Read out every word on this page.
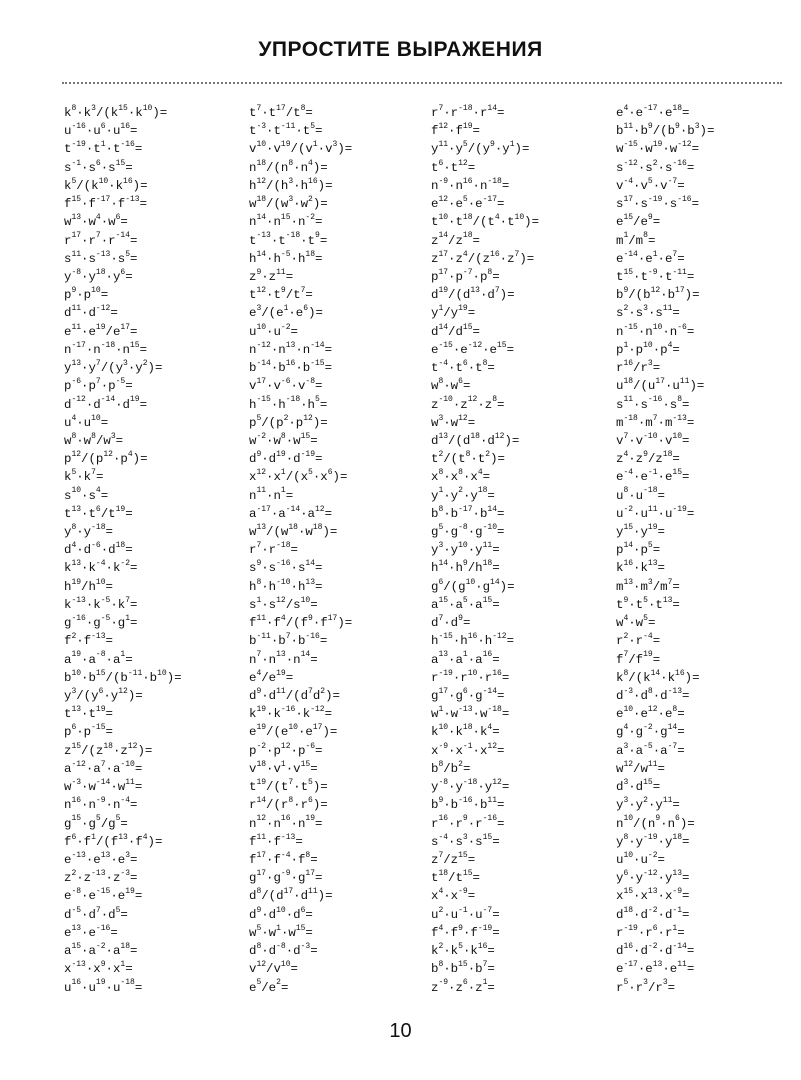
УПРОСТИТЕ ВЫРАЖЕНИЯ
$k^8\cdot k^3/(k^{15}\cdot k^{10})=$
$u^{-16}\cdot u^6\cdot u^{16}=$
$t^{-19}\cdot t^1\cdot t^{-16}=$
$s^{-1}\cdot s^6\cdot s^{15}=$
$k^5/(k^{10}\cdot k^{16})=$
$f^{15}\cdot f^{-17}\cdot f^{-13}=$
$w^{13}\cdot w^4\cdot w^6=$
$r^{17}\cdot r^7\cdot r^{-14}=$
$s^{11}\cdot s^{-13}\cdot s^5=$
$y^{-8}\cdot y^{18}\cdot y^6=$
$p^9\cdot p^{10}=$
$d^{11}\cdot d^{-12}=$
$e^{11}\cdot e^{19}/e^{17}=$
$n^{-17}\cdot n^{-18}\cdot n^{15}=$
$y^{13}\cdot y^7/(y^3\cdot y^2)=$
$p^{-6}\cdot p^7\cdot p^{-5}=$
$d^{-12}\cdot d^{-14}\cdot d^{19}=$
$u^4\cdot u^{10}=$
$w^8\cdot w^8/w^3=$
$p^{12}/(p^{12}\cdot p^4)=$
$k^5\cdot k^7=$
$s^{10}\cdot s^4=$
$t^{13}\cdot t^6/t^{19}=$
$y^8\cdot y^{-18}=$
$d^4\cdot d^{-6}\cdot d^{18}=$
$k^{13}\cdot k^{-4}\cdot k^{-2}=$
$h^{19}/h^{10}=$
$k^{-13}\cdot k^{-5}\cdot k^7=$
$g^{-16}\cdot g^{-5}\cdot g^1=$
$f^2\cdot f^{-13}=$
$a^{19}\cdot a^{-8}\cdot a^1=$
$b^{10}\cdot b^{15}/(b^{-11}\cdot b^{10})=$
$y^3/(y^6\cdot y^{12})=$
$t^{13}\cdot t^{19}=$
$p^6\cdot p^{-15}=$
$z^{15}/(z^{18}\cdot z^{12})=$
$a^{-12}\cdot a^7\cdot a^{-10}=$
$w^{-3}\cdot w^{-14}\cdot w^{11}=$
$n^{16}\cdot n^{-9}\cdot n^{-4}=$
$g^{15}\cdot g^5/g^5=$
$f^6\cdot f^1/(f^{13}\cdot f^4)=$
$e^{-13}\cdot e^{13}\cdot e^3=$
$z^2\cdot z^{-13}\cdot z^{-3}=$
$e^{-8}\cdot e^{-15}\cdot e^{19}=$
$d^{-5}\cdot d^7\cdot d^5=$
$e^{13}\cdot e^{-16}=$
$a^{15}\cdot a^{-2}\cdot a^{18}=$
$x^{-13}\cdot x^9\cdot x^1=$
$u^{16}\cdot u^{19}\cdot u^{-18}=$
$t^7\cdot t^{17}/t^8=$
$t^{-3}\cdot t^{-11}\cdot t^5=$
$v^{10}\cdot v^{19}/(v^1\cdot v^3)=$
$n^{18}/(n^8\cdot n^4)=$
$h^{12}/(h^3\cdot h^{16})=$
$w^{18}/(w^3\cdot w^2)=$
$n^{14}\cdot n^{15}\cdot n^{-2}=$
$t^{-13}\cdot t^{-18}\cdot t^9=$
$h^{14}\cdot h^{-5}\cdot h^{18}=$
$z^9\cdot z^{11}=$
$t^{12}\cdot t^9/t^7=$
$e^3/(e^1\cdot e^6)=$
$u^{10}\cdot u^{-2}=$
$n^{-12}\cdot n^{13}\cdot n^{-14}=$
$b^{-14}\cdot b^{16}\cdot b^{-15}=$
$v^{17}\cdot v^{-6}\cdot v^{-8}=$
$h^{-15}\cdot h^{-18}\cdot h^5=$
$p^5/(p^2\cdot p^{12})=$
$w^{-2}\cdot w^8\cdot w^{15}=$
$d^9\cdot d^{19}\cdot d^{-19}=$
$x^{12}\cdot x^1/(x^5\cdot x^6)=$
$n^{11}\cdot n^1=$
$a^{-17}\cdot a^{-14}\cdot a^{12}=$
$w^{13}/(w^{18}\cdot w^{18})=$
$r^7\cdot r^{-18}=$
$s^9\cdot s^{-16}\cdot s^{14}=$
$h^8\cdot h^{-10}\cdot h^{13}=$
$s^1\cdot s^{12}/s^{10}=$
$f^{11}\cdot f^4/(f^9\cdot f^{17})=$
$b^{-11}\cdot b^7\cdot b^{-16}=$
$n^7\cdot n^{13}\cdot n^{14}=$
$e^4/e^{19}=$
$d^9\cdot d^{11}/(d^7d^2)=$
$k^{19}\cdot k^{-16}\cdot k^{-12}=$
$e^{19}/(e^{10}\cdot e^{17})=$
$p^{-2}\cdot p^{12}\cdot p^{-6}=$
$v^{18}\cdot v^1\cdot v^{15}=$
$t^{19}/(t^7\cdot t^5)=$
$r^{14}/(r^8\cdot r^6)=$
$n^{12}\cdot n^{16}\cdot n^{19}=$
$f^{11}\cdot f^{-13}=$
$f^{17}\cdot f^{-4}\cdot f^8=$
$g^{17}\cdot g^{-9}\cdot g^{17}=$
$d^8/(d^{17}\cdot d^{11})=$
$d^9\cdot d^{10}\cdot d^6=$
$w^5\cdot w^1\cdot w^{15}=$
$d^8\cdot d^{-8}\cdot d^{-3}=$
$v^{12}/v^{10}=$
$e^5/e^2=$
$r^7\cdot r^{-18}\cdot r^{14}=$
$f^{12}\cdot f^{19}=$
$y^{11}\cdot y^5/(y^9\cdot y^1)=$
$t^6\cdot t^{12}=$
$n^{-9}\cdot n^{16}\cdot n^{-18}=$
$e^{12}\cdot e^5\cdot e^{-17}=$
$t^{10}\cdot t^{18}/(t^4\cdot t^{10})=$
$z^{14}/z^{18}=$
$z^{17}\cdot z^4/(z^{16}\cdot z^7)=$
$p^{17}\cdot p^{-7}\cdot p^8=$
$d^{19}/(d^{13}\cdot d^7)=$
$y^1/y^{19}=$
$d^{14}/d^{15}=$
$e^{-15}\cdot e^{-12}\cdot e^{15}=$
$t^{-4}\cdot t^6\cdot t^8=$
$w^8\cdot w^6=$
$z^{-10}\cdot z^{12}\cdot z^8=$
$w^3\cdot w^{12}=$
$d^{13}/(d^{18}\cdot d^{12})=$
$t^2/(t^8\cdot t^2)=$
$x^8\cdot x^8\cdot x^4=$
$y^1\cdot y^2\cdot y^{18}=$
$b^8\cdot b^{-17}\cdot b^{14}=$
$g^5\cdot g^{-8}\cdot g^{-10}=$
$y^3\cdot y^{10}\cdot y^{11}=$
$h^{14}\cdot h^9/h^{18}=$
$g^6/(g^{10}\cdot g^{14})=$
$a^{15}\cdot a^5\cdot a^{15}=$
$d^7\cdot d^9=$
$h^{-15}\cdot h^{16}\cdot h^{-12}=$
$a^{13}\cdot a^1\cdot a^{16}=$
$r^{-19}\cdot r^{10}\cdot r^{16}=$
$g^{17}\cdot g^6\cdot g^{-14}=$
$w^1\cdot w^{-13}\cdot w^{-18}=$
$k^{10}\cdot k^{18}\cdot k^4=$
$x^{-9}\cdot x^{-1}\cdot x^{12}=$
$b^8/b^2=$
$y^{-8}\cdot y^{-18}\cdot y^{12}=$
$b^9\cdot b^{-16}\cdot b^{11}=$
$r^{16}\cdot r^9\cdot r^{-16}=$
$s^{-4}\cdot s^3\cdot s^{15}=$
$z^7/z^{15}=$
$t^{18}/t^{15}=$
$x^4\cdot x^{-9}=$
$u^2\cdot u^{-1}\cdot u^{-7}=$
$f^4\cdot f^9\cdot f^{-19}=$
$k^2\cdot k^5\cdot k^{16}=$
$b^8\cdot b^{15}\cdot b^7=$
$z^{-9}\cdot z^6\cdot z^1=$
$e^4\cdot e^{-17}\cdot e^{18}=$
$b^{11}\cdot b^9/(b^9\cdot b^3)=$
$w^{-15}\cdot w^{19}\cdot w^{-12}=$
$s^{-12}\cdot s^2\cdot s^{-16}=$
$v^{-4}\cdot v^5\cdot v^{-7}=$
$s^{17}\cdot s^{-19}\cdot s^{-16}=$
$e^{15}/e^9=$
$m^1/m^8=$
$e^{-14}\cdot e^1\cdot e^7=$
$t^{15}\cdot t^{-9}\cdot t^{-11}=$
$b^9/(b^{12}\cdot b^{17})=$
$s^2\cdot s^3\cdot s^{11}=$
$n^{-15}\cdot n^{10}\cdot n^{-6}=$
$p^1\cdot p^{10}\cdot p^4=$
$r^{16}/r^3=$
$u^{18}/(u^{17}\cdot u^{11})=$
$s^{11}\cdot s^{-16}\cdot s^8=$
$m^{-18}\cdot m^7\cdot m^{-13}=$
$v^7\cdot v^{-10}\cdot v^{10}=$
$z^4\cdot z^9/z^{18}=$
$e^{-4}\cdot e^{-1}\cdot e^{15}=$
$u^8\cdot u^{-18}=$
$u^{-2}\cdot u^{11}\cdot u^{-19}=$
$y^{15}\cdot y^{19}=$
$p^{14}\cdot p^5=$
$k^{16}\cdot k^{13}=$
$m^{13}\cdot m^3/m^7=$
$t^9\cdot t^5\cdot t^{13}=$
$w^4\cdot w^5=$
$r^2\cdot r^{-4}=$
$f^7/f^{19}=$
$k^8/(k^{14}\cdot k^{16})=$
$d^{-3}\cdot d^8\cdot d^{-13}=$
$e^{10}\cdot e^{12}\cdot e^8=$
$g^4\cdot g^{-2}\cdot g^{14}=$
$a^3\cdot a^{-5}\cdot a^{-7}=$
$w^{12}/w^{11}=$
$d^3\cdot d^{15}=$
$y^3\cdot y^2\cdot y^{11}=$
$n^{10}/(n^9\cdot n^6)=$
$y^8\cdot y^{-19}\cdot y^{18}=$
$u^{10}\cdot u^{-2}=$
$y^6\cdot y^{-12}\cdot y^{13}=$
$x^{15}\cdot x^{13}\cdot x^{-9}=$
$d^{18}\cdot d^{-2}\cdot d^{-1}=$
$r^{-19}\cdot r^6\cdot r^1=$
$d^{16}\cdot d^{-2}\cdot d^{-14}=$
$e^{-17}\cdot e^{13}\cdot e^{11}=$
$r^5\cdot r^3/r^3=$
10
